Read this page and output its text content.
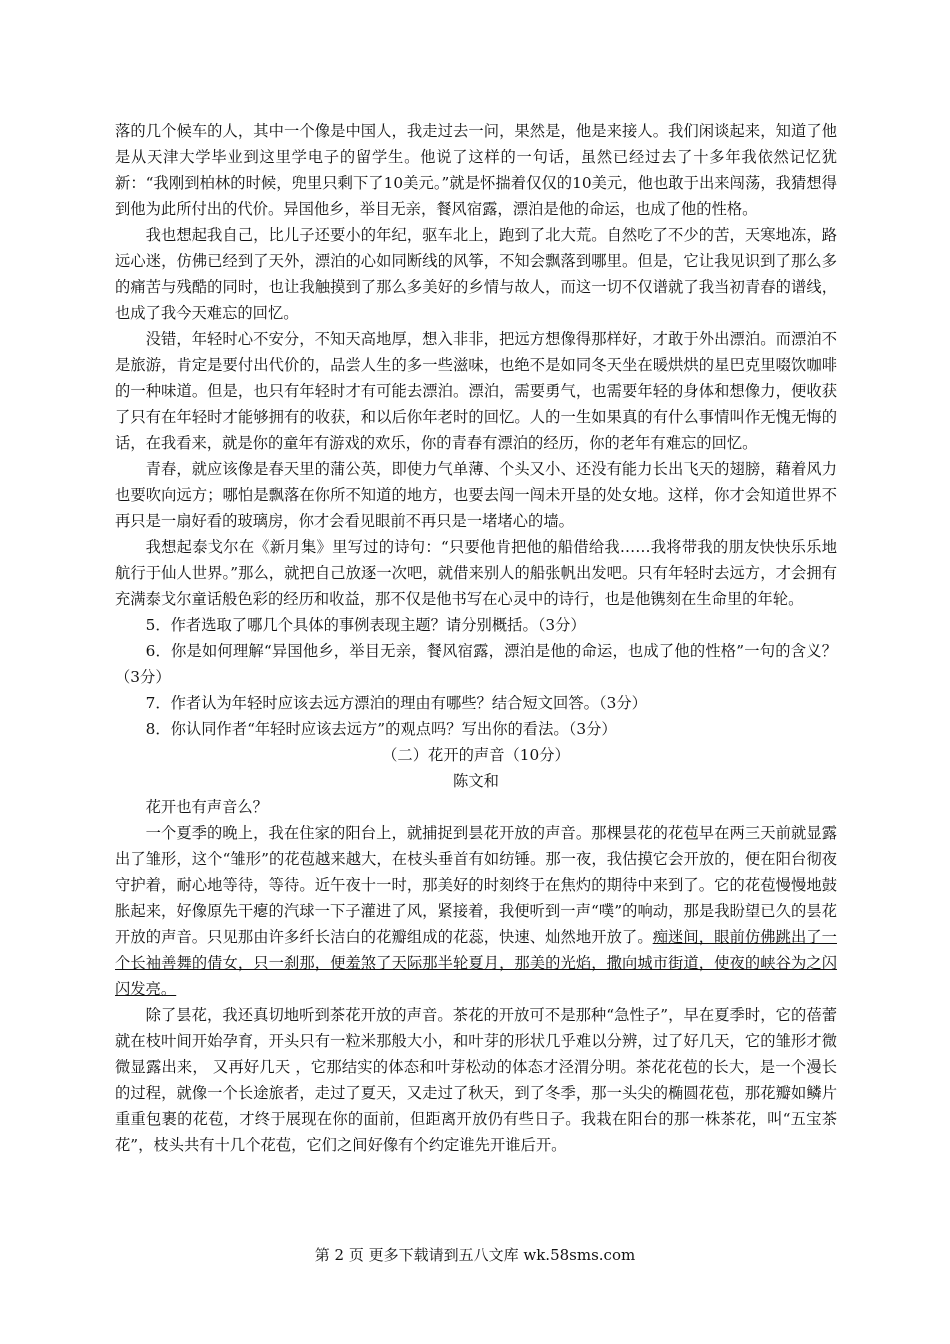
落的几个候车的人，其中一个像是中国人，我走过去一问，果然是，他是来接人。我们闲谈起来，知道了他是从天津大学毕业到这里学电子的留学生。他说了这样的一句话，虽然已经过去了十多年我依然记忆犹新：“我刚到柏林的时候，兜里只剩下了10美元。”就是怀揣着仅仅的10美元，他也敢于出来闯荡，我猜想得到他为此所付出的代价。异国他乡，举目无亲，餐风宿露，漂泊是他的命运，也成了他的性格。

我也想起我自己，比儿子还要小的年纪，驱车北上，跑到了北大荒。自然吃了不少的苦，天寒地冻，路远心迷，仿佛已经到了天外，漂泊的心如同断线的风筝，不知会飘落到哪里。但是，它让我见识到了那么多的痛苦与残酷的同时，也让我触摸到了那么多美好的乡情与故人，而这一切不仅谱就了我当初青春的谱线，也成了我今天难忘的回忆。

没错，年轻时心不安分，不知天高地厚，想入非非，把远方想像得那样好，才敢于外出漂泊。而漂泊不是旅游，肯定是要付出代价的，品尝人生的多一些滋味，也绝不是如同冬天坐在暖烘烘的星巴克里啜饮咖啡的一种味道。但是，也只有年轻时才有可能去漂泊。漂泊，需要勇气，也需要年轻的身体和想像力，便收获了只有在年轻时才能够拥有的收获，和以后你年老时的回忆。人的一生如果真的有什么事情叫作无愧无悔的话，在我看来，就是你的童年有游戏的欢乐，你的青春有漂泊的经历，你的老年有难忘的回忆。

青春，就应该像是春天里的蒲公英，即使力气单薄、个头又小、还没有能力长出飞天的翅膀，藉着风力也要吹向远方；哪怕是飘落在你所不知道的地方，也要去闯一闯未开垦的处女地。这样，你才会知道世界不再只是一扇好看的玻璃房，你才会看见眼前不再只是一堵堵心的墙。

我想起泰戈尔在《新月集》里写过的诗句：“只要他肯把他的船借给我……我将带我的朋友快快乐乐地航行于仙人世界。”那么，就把自己放逐一次吧，就借来别人的船张帆出发吧。只有年轻时去远方，才会拥有充满泰戈尔童话般色彩的经历和收益，那不仅是他书写在心灵中的诗行，也是他镌刻在生命里的年轮。

5．作者选取了哪几个具体的事例表现主题？请分别概括。（3分）

6．你是如何理解“异国他乡，举目无亲，餐风宿露，漂泊是他的命运，也成了他的性格”一句的含义？（3分）

7．作者认为年轻时应该去远方漂泊的理由有哪些？结合短文回答。（3分）

8．你认同作者“年轻时应该去远方”的观点吗？写出你的看法。（3分）

（二）花开的声音（10分）

陈文和

花开也有声音么？

一个夏季的晚上，我在住家的阳台上，就捕捉到昙花开放的声音。那棵昙花的花苞早在两三天前就显露出了雏形，这个“雏形”的花苞越来越大，在枝头垂首有如纺锤。那一夜，我估摸它会开放的，便在阳台彻夜守护着，耐心地等待，等待。近午夜十一时，那美好的时刻终于在焦灼的期待中来到了。它的花苞慢慢地鼓胀起来，好像原先干瘪的汽球一下子灌进了风，紧接着，我便听到一声“噗”的响动，那是我盼望已久的昙花开放的声音。只见那由许多纤长洁白的花瓣组成的花蕊，快速、灿然地开放了。痴迷间，眼前仿佛跳出了一个长袖善舞的倩女，只一刹那，便羞煞了天际那半轮夏月，那美的光焰，撒向城市街道，使夜的峡谷为之闪闪发亮。

除了昙花，我还真切地听到茶花开放的声音。茶花的开放可不是那种“急性子”，早在夏季时，它的蓓蕾就在枝叶间开始孕育，开头只有一粒米那般大小，和叶芽的形状几乎难以分辨，过了好几天，它的雏形才微微显露出来， 又再好几天 ，它那结实的体态和叶芽松动的体态才泾渭分明。茶花花苞的长大，是一个漫长的过程，就像一个长途旅者，走过了夏天，又走过了秋天，到了冬季，那一头尖的椭圆花苞，那花瓣如鳞片重重包裹的花苞，才终于展现在你的面前，但距离开放仍有些日子。我栽在阳台的那一株茶花，叫“五宝茶花”，枝头共有十几个花苞，它们之间好像有个约定谁先开谁后开。

第 2 页 更多下载请到五八文库 wk.58sms.com
